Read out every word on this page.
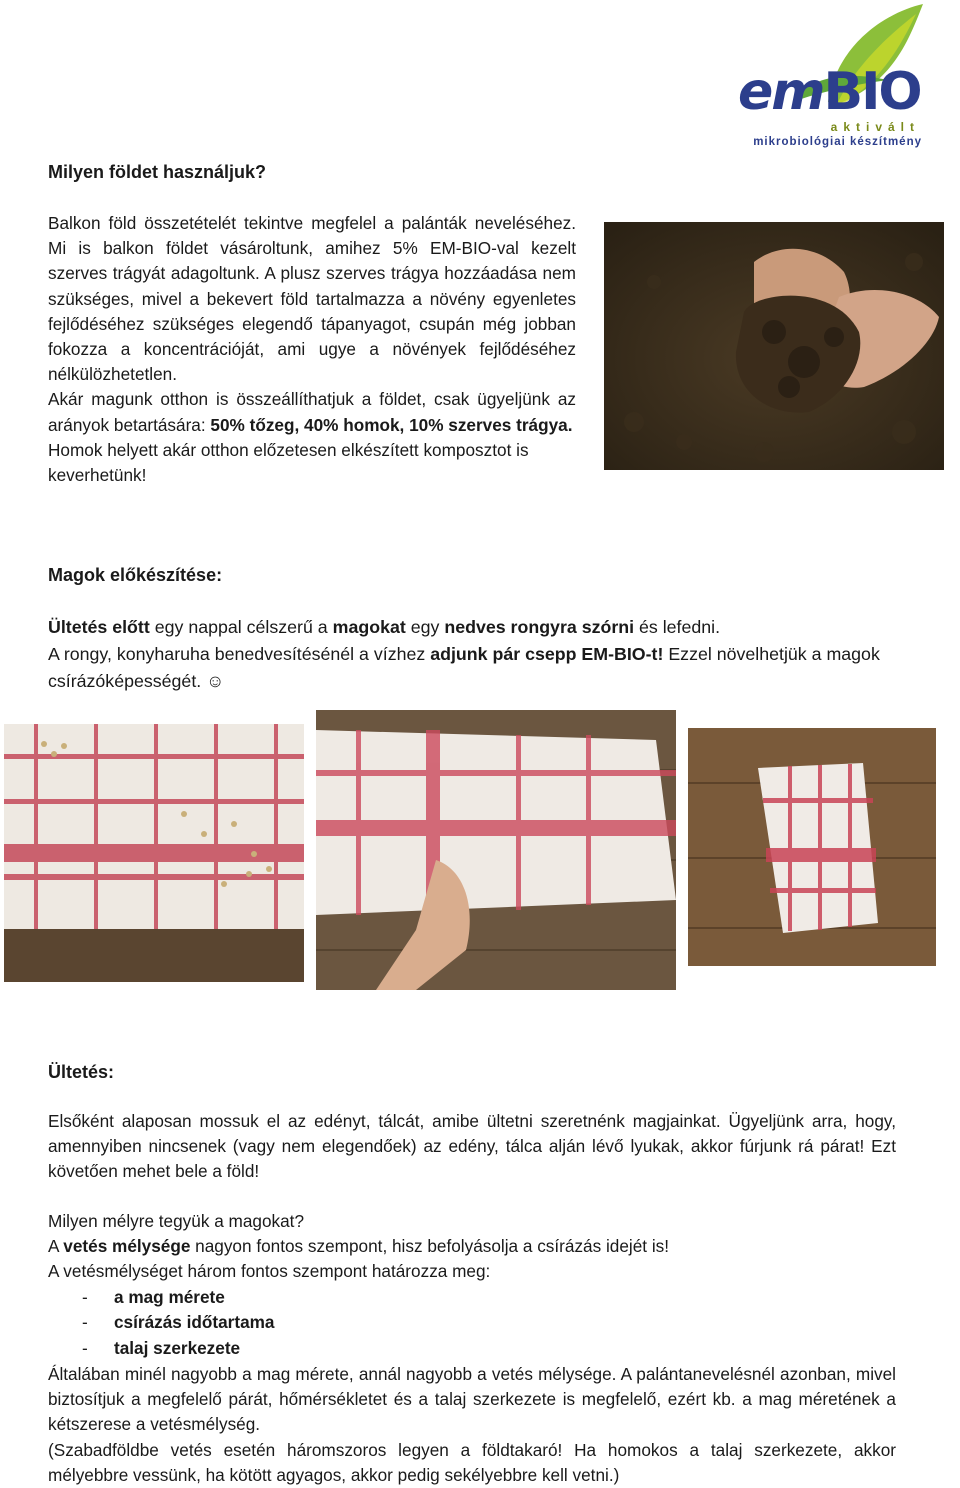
emBIO
aktivált
mikrobiológiai készítmény
Milyen földet használjuk?
Balkon föld összetételét tekintve megfelel a palánták neveléséhez. Mi is balkon földet vásároltunk, amihez 5% EM-BIO-val kezelt szerves trágyát adagoltunk. A plusz szerves trágya hozzáadása nem szükséges, mivel a bekevert föld tartalmazza a növény egyenletes fejlődéséhez szükséges elegendő tápanyagot, csupán még jobban fokozza a koncentrációját, ami ugye a növények fejlődéséhez nélkülözhetetlen.
Akár magunk otthon is összeállíthatjuk a földet, csak ügyeljünk az arányok betartására: 50% tőzeg, 40% homok, 10% szerves trágya.
Homok helyett akár otthon előzetesen elkészített komposztot is keverhetünk!
Magok előkészítése:
Ültetés előtt egy nappal célszerű a magokat egy nedves rongyra szórni és lefedni.
A rongy, konyharuha benedvesítésénél a vízhez adjunk pár csepp EM-BIO-t! Ezzel növelhetjük a magok csírázóképességét. ☺
Ültetés:
Elsőként alaposan mossuk el az edényt, tálcát, amibe ültetni szeretnénk magjainkat. Ügyeljünk arra, hogy, amennyiben nincsenek (vagy nem elegendőek) az edény, tálca alján lévő lyukak, akkor fúrjunk rá párat! Ezt követően mehet bele a föld!
Milyen mélyre tegyük a magokat?
A vetés mélysége nagyon fontos szempont, hisz befolyásolja a csírázás idejét is!
A vetésmélységet három fontos szempont határozza meg:
- a mag mérete
- csírázás időtartama
- talaj szerkezete
Általában minél nagyobb a mag mérete, annál nagyobb a vetés mélysége. A palántanevelésnél azonban, mivel biztosítjuk a megfelelő párát, hőmérsékletet és a talaj szerkezete is megfelelő, ezért kb. a mag méretének a kétszerese a vetésmélység.
(Szabadföldbe vetés esetén háromszoros legyen a földtakaró! Ha homokos a talaj szerkezete, akkor mélyebbre vessünk, ha kötött agyagos, akkor pedig sekélyebbre kell vetni.)
